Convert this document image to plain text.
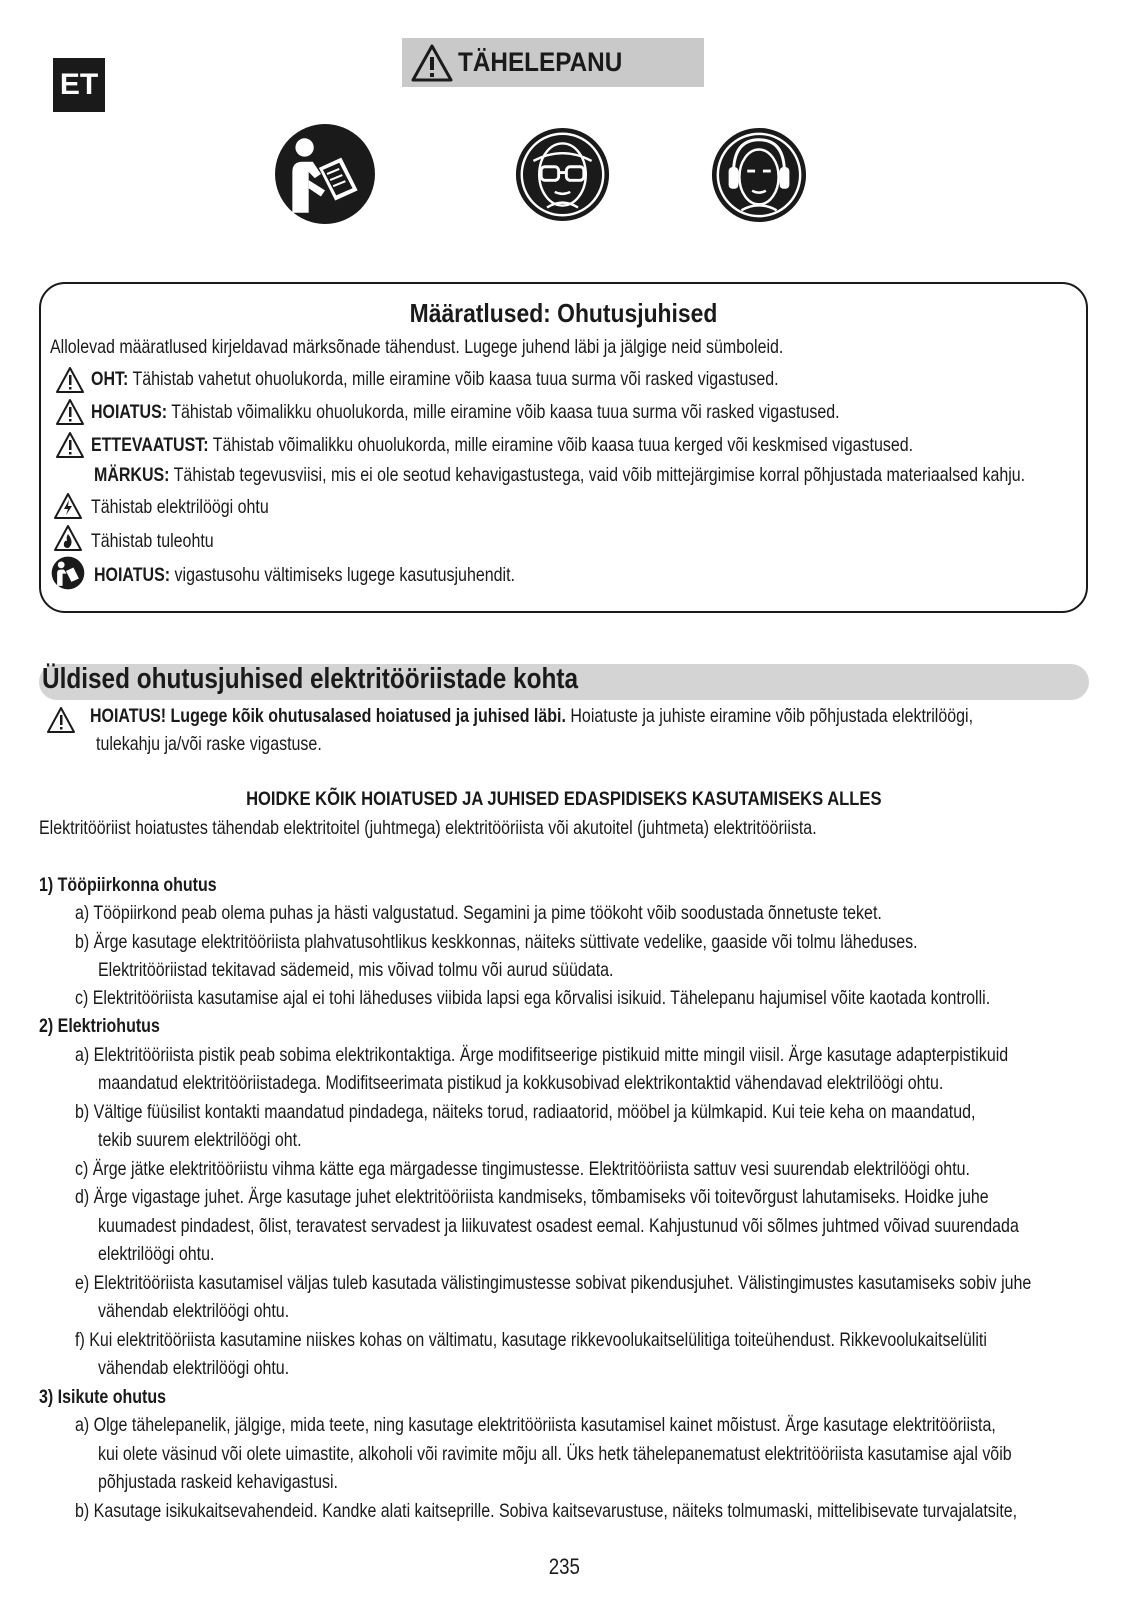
ET
TÄHELEPANU
Määratlused: Ohutusjuhised
Allolevad määratlused kirjeldavad märksõnade tähendust. Lugege juhend läbi ja jälgige neid sümboleid.
OHT: Tähistab vahetut ohuolukorda, mille eiramine võib kaasa tuua surma või rasked vigastused.
HOIATUS: Tähistab võimalikku ohuolukorda, mille eiramine võib kaasa tuua surma või rasked vigastused.
ETTEVAATUST: Tähistab võimalikku ohuolukorda, mille eiramine võib kaasa tuua kerged või keskmised vigastused.
MÄRKUS: Tähistab tegevusviisi, mis ei ole seotud kehavigastustega, vaid võib mittejärgimise korral põhjustada materiaalsed kahju.
Tähistab elektrilöögi ohtu
Tähistab tuleohtu
HOIATUS: vigastusohu vältimiseks lugege kasutusjuhendit.
Üldised ohutusjuhised elektritööriistade kohta
HOIATUS! Lugege kõik ohutusalased hoiatused ja juhised läbi. Hoiatuste ja juhiste eiramine võib põhjustada elektrilöögi,
tulekahju ja/või raske vigastuse.
HOIDKE KÕIK HOIATUSED JA JUHISED EDASPIDISEKS KASUTAMISEKS ALLES
Elektritööriist hoiatustes tähendab elektritoitel (juhtmega) elektritööriista või akutoitel (juhtmeta) elektritööriista.
1) Tööpiirkonna ohutus
a) Tööpiirkond peab olema puhas ja hästi valgustatud. Segamini ja pime töökoht võib soodustada õnnetuste teket.
b) Ärge kasutage elektritööriista plahvatusohtlikus keskkonnas, näiteks süttivate vedelike, gaaside või tolmu läheduses.
Elektritööriistad tekitavad sädemeid, mis võivad tolmu või aurud süüdata.
c) Elektritööriista kasutamise ajal ei tohi läheduses viibida lapsi ega kõrvalisi isikuid. Tähelepanu hajumisel võite kaotada kontrolli.
2) Elektriohutus
a) Elektritööriista pistik peab sobima elektrikontaktiga. Ärge modifitseerige pistikuid mitte mingil viisil. Ärge kasutage adapterpistikuid
maandatud elektritööriistadega. Modifitseerimata pistikud ja kokkusobivad elektrikontaktid vähendavad elektrilöögi ohtu.
b) Vältige füüsilist kontakti maandatud pindadega, näiteks torud, radiaatorid, mööbel ja külmkapid. Kui teie keha on maandatud,
tekib suurem elektrilöögi oht.
c) Ärge jätke elektritööriistu vihma kätte ega märgadesse tingimustesse. Elektritööriista sattuv vesi suurendab elektrilöögi ohtu.
d) Ärge vigastage juhet. Ärge kasutage juhet elektritööriista kandmiseks, tõmbamiseks või toitevõrgust lahutamiseks. Hoidke juhe
kuumadest pindadest, õlist, teravatest servadest ja liikuvatest osadest eemal. Kahjustunud või sõlmes juhtmed võivad suurendada
elektrilöögi ohtu.
e) Elektritööriista kasutamisel väljas tuleb kasutada välistingimustesse sobivat pikendusjuhet. Välistingimustes kasutamiseks sobiv juhe
vähendab elektrilöögi ohtu.
f) Kui elektritööriista kasutamine niiskes kohas on vältimatu, kasutage rikkevoolukaitselülitiga toiteühendust. Rikkevoolukaitselüliti
vähendab elektrilöögi ohtu.
3) Isikute ohutus
a) Olge tähelepanelik, jälgige, mida teete, ning kasutage elektritööriista kasutamisel kainet mõistust. Ärge kasutage elektritööriista,
kui olete väsinud või olete uimastite, alkoholi või ravimite mõju all. Üks hetk tähelepanematust elektritööriista kasutamise ajal võib
põhjustada raskeid kehavigastusi.
b) Kasutage isikukaitsevahendeid. Kandke alati kaitseprille. Sobiva kaitsevarustuse, näiteks tolmumaski, mittelibisevate turvajalatsite,
235
